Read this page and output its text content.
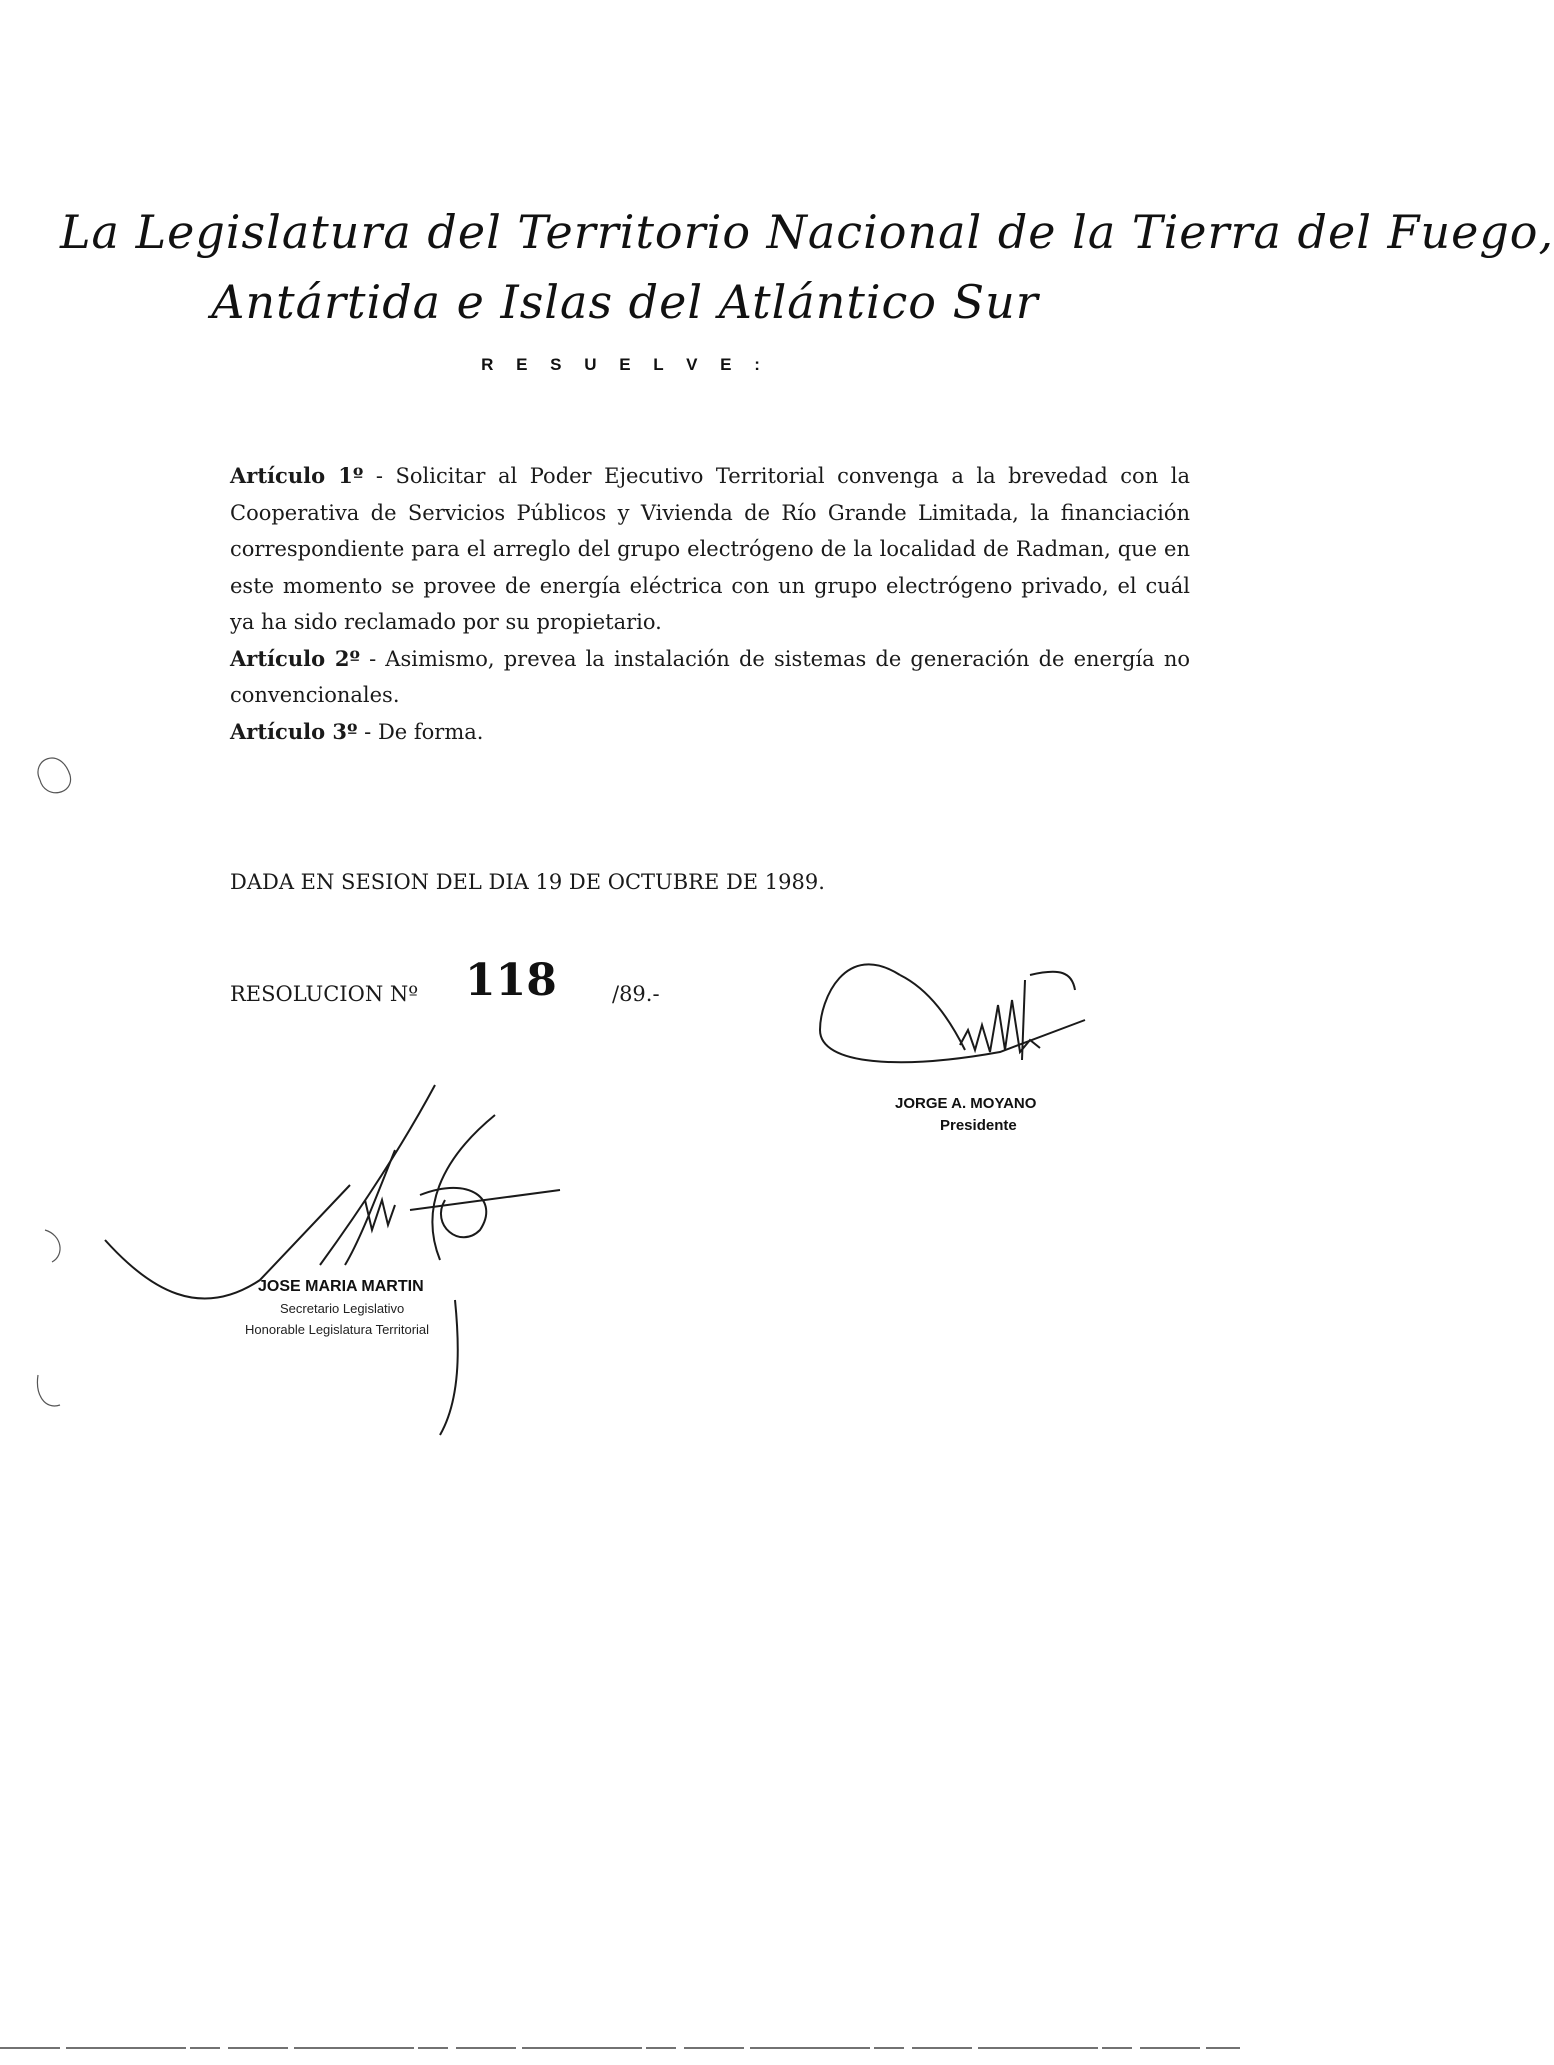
La Legislatura del Territorio Nacional de la Tierra del Fuego,
Antártida e Islas del Atlántico Sur
R E S U E L V E :

Artículo 1º - Solicitar al Poder Ejecutivo Territorial convenga a la brevedad con la Cooperativa de Servicios Públicos y Vivienda de Río Grande Limitada, la financiación correspondiente para el arreglo del grupo electrógeno de la localidad de Radman, que en este momento se provee de energía eléctrica con un grupo electrógeno privado, el cuál ya ha sido reclamado por su propietario.

Artículo 2º - Asimismo, prevea la instalación de sistemas de generación de energía no convencionales.

Artículo 3º - De forma.

DADA EN SESION DEL DIA 19 DE OCTUBRE DE 1989.
RESOLUCION Nº 118	/89.-
JORGE A. MOYANO
Presidente
JOSE MARIA MARTIN
Secretario Legislativo
Honorable Legislatura Territorial
